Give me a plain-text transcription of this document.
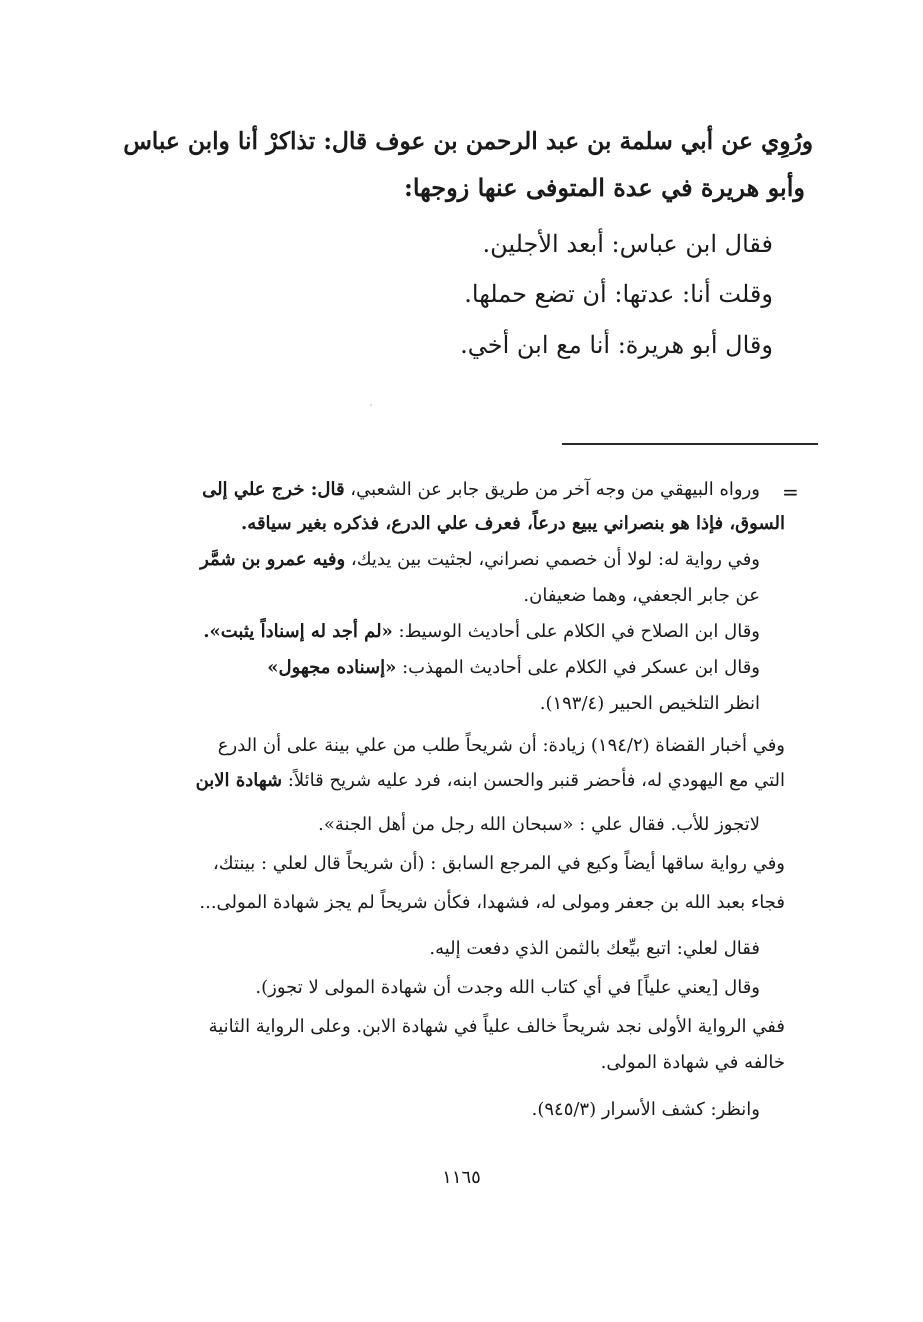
ورُوِي عن أبي سلمة بن عبد الرحمن بن عوف قال: تذاكرْ أنا وابن عباس
وأبو هريرة في عدة المتوفى عنها زوجها:
فقال ابن عباس: أبعد الأجلين.
وقلت أنا: عدتها: أن تضع حملها.
وقال أبو هريرة: أنا مع ابن أخي.
=
ورواه البيهقي من وجه آخر من طريق جابر عن الشعبي، قال: خرج علي إلى
السوق، فإذا هو بنصراني يبيع درعاً، فعرف علي الدرع، فذكره بغير سياقه.
وفي رواية له: لولا أن خصمي نصراني، لجثيت بين يديك، وفيه عمرو بن شمَّر
عن جابر الجعفي، وهما ضعيفان.
وقال ابن الصلاح في الكلام على أحاديث الوسيط: «لم أجد له إسناداً يثبت».
وقال ابن عسكر في الكلام على أحاديث المهذب: «إسناده مجهول»
انظر التلخيص الحبير (١٩٣/٤).
وفي أخبار القضاة (١٩٤/٢) زيادة: أن شريحاً طلب من علي بينة على أن الدرع
التي مع اليهودي له، فأحضر قنبر والحسن ابنه، فرد عليه شريح قائلاً: شهادة الابن
لاتجوز للأب. فقال علي : «سبحان الله رجل من أهل الجنة».
وفي رواية ساقها أيضاً وكيع في المرجع السابق : (أن شريحاً قال لعلي : بينتك،
فجاء بعبد الله بن جعفر ومولى له، فشهدا، فكأن شريحاً لم يجز شهادة المولى...
فقال لعلي: اتبع بيِّعك بالثمن الذي دفعت إليه.
وقال [يعني علياً] في أي كتاب الله وجدت أن شهادة المولى لا تجوز).
ففي الرواية الأولى نجد شريحاً خالف علياً في شهادة الابن. وعلى الرواية الثانية
خالفه في شهادة المولى.
وانظر: كشف الأسرار (٩٤٥/٣).
١١٦٥
